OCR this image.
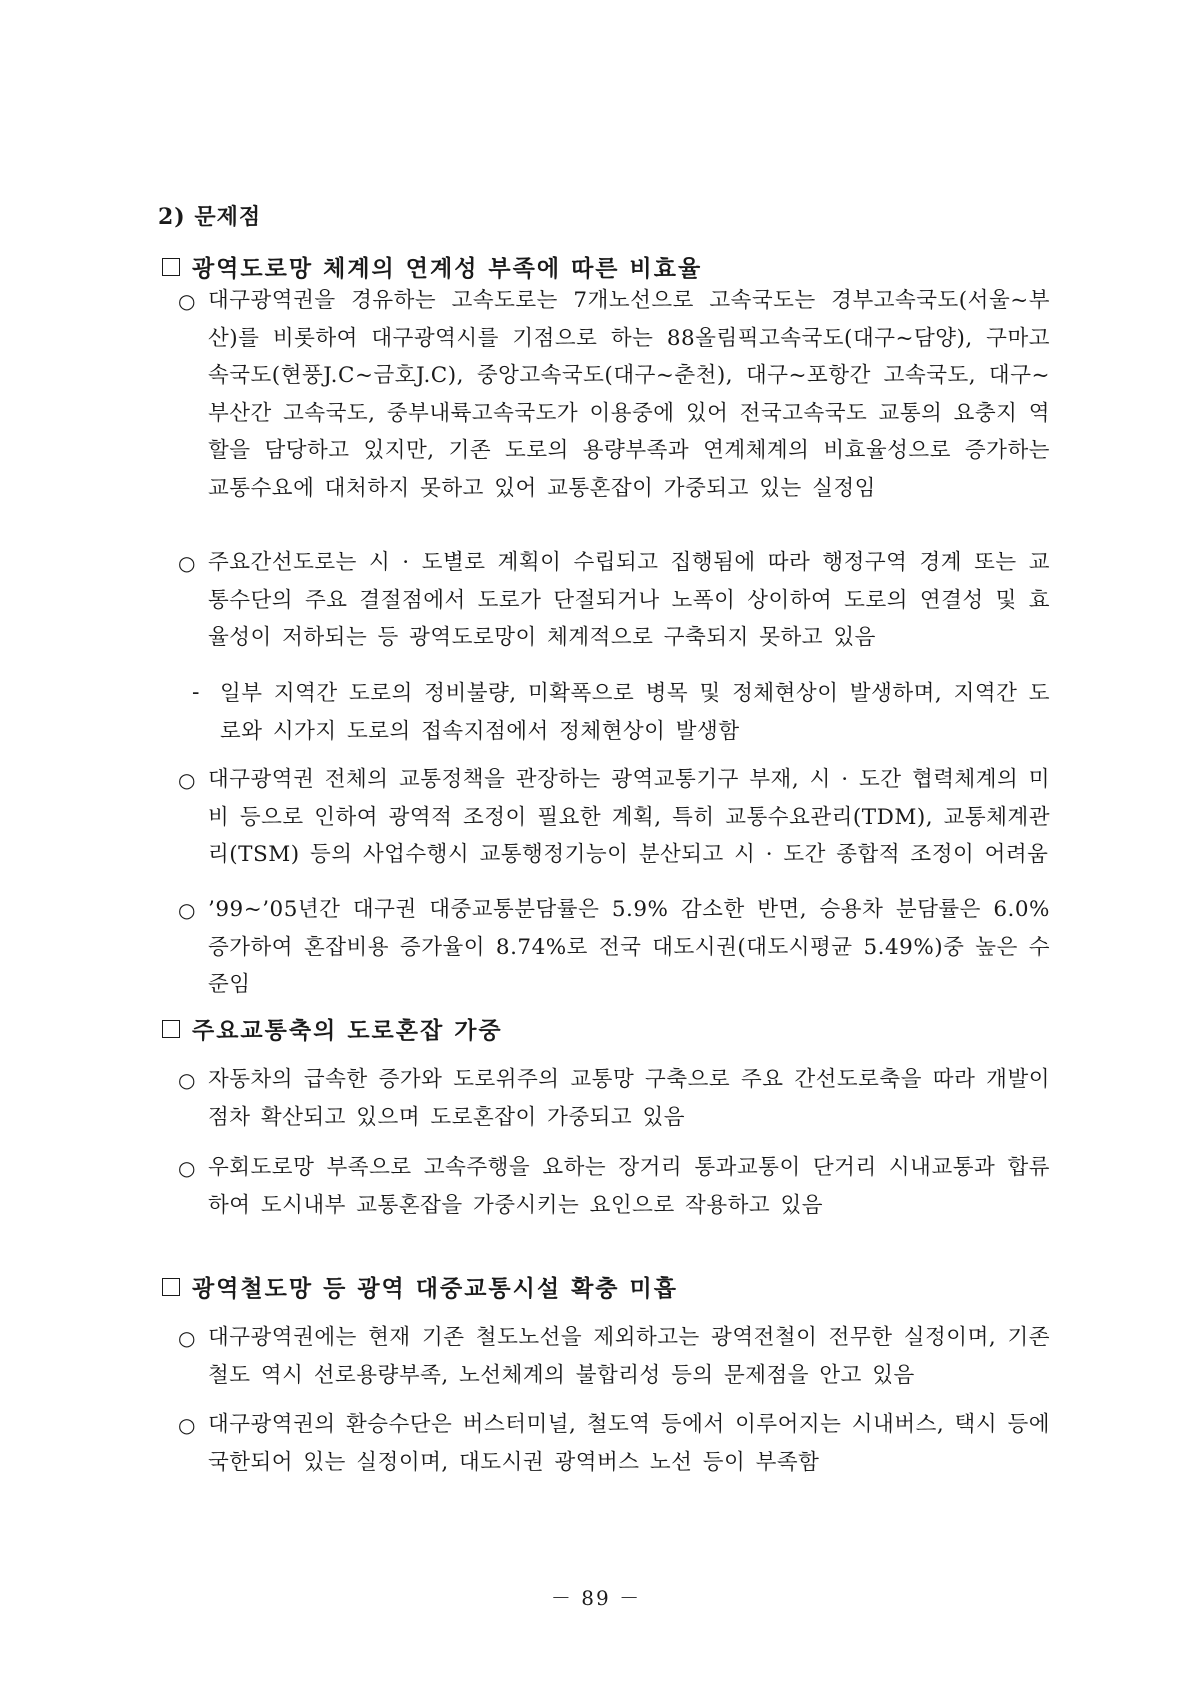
2) 문제점
광역도로망 체계의 연계성 부족에 따른 비효율
○ 대구광역권을 경유하는 고속도로는 7개노선으로 고속국도는 경부고속국도(서울~부산)를 비롯하여 대구광역시를 기점으로 하는 88올림픽고속국도(대구~담양), 구마고속국도(현풍J.C~금호J.C), 중앙고속국도(대구~춘천), 대구~포항간 고속국도, 대구~부산간 고속국도, 중부내륙고속국도가 이용중에 있어 전국고속국도 교통의 요충지 역할을 담당하고 있지만, 기존 도로의 용량부족과 연계체계의 비효율성으로 증가하는 교통수요에 대처하지 못하고 있어 교통혼잡이 가중되고 있는 실정임
○ 주요간선도로는 시 · 도별로 계획이 수립되고 집행됨에 따라 행정구역 경계 또는 교통수단의 주요 결절점에서 도로가 단절되거나 노폭이 상이하여 도로의 연결성 및 효율성이 저하되는 등 광역도로망이 체계적으로 구축되지 못하고 있음
- 일부 지역간 도로의 정비불량, 미확폭으로 병목 및 정체현상이 발생하며, 지역간 도로와 시가지 도로의 접속지점에서 정체현상이 발생함
○ 대구광역권 전체의 교통정책을 관장하는 광역교통기구 부재, 시 · 도간 협력체계의 미비 등으로 인하여 광역적 조정이 필요한 계획, 특히 교통수요관리(TDM), 교통체계관리(TSM) 등의 사업수행시 교통행정기능이 분산되고 시 · 도간 종합적 조정이 어려움
○ ’99~’05년간 대구권 대중교통분담률은 5.9% 감소한 반면, 승용차 분담률은 6.0% 증가하여 혼잡비용 증가율이 8.74%로 전국 대도시권(대도시평균 5.49%)중 높은 수준임
주요교통축의 도로혼잡 가중
○ 자동차의 급속한 증가와 도로위주의 교통망 구축으로 주요 간선도로축을 따라 개발이 점차 확산되고 있으며 도로혼잡이 가중되고 있음
○ 우회도로망 부족으로 고속주행을 요하는 장거리 통과교통이 단거리 시내교통과 합류하여 도시내부 교통혼잡을 가중시키는 요인으로 작용하고 있음
광역철도망 등 광역 대중교통시설 확충 미흡
○ 대구광역권에는 현재 기존 철도노선을 제외하고는 광역전철이 전무한 실정이며, 기존 철도 역시 선로용량부족, 노선체계의 불합리성 등의 문제점을 안고 있음
○ 대구광역권의 환승수단은 버스터미널, 철도역 등에서 이루어지는 시내버스, 택시 등에 국한되어 있는 실정이며, 대도시권 광역버스 노선 등이 부족함
－ 89 －
